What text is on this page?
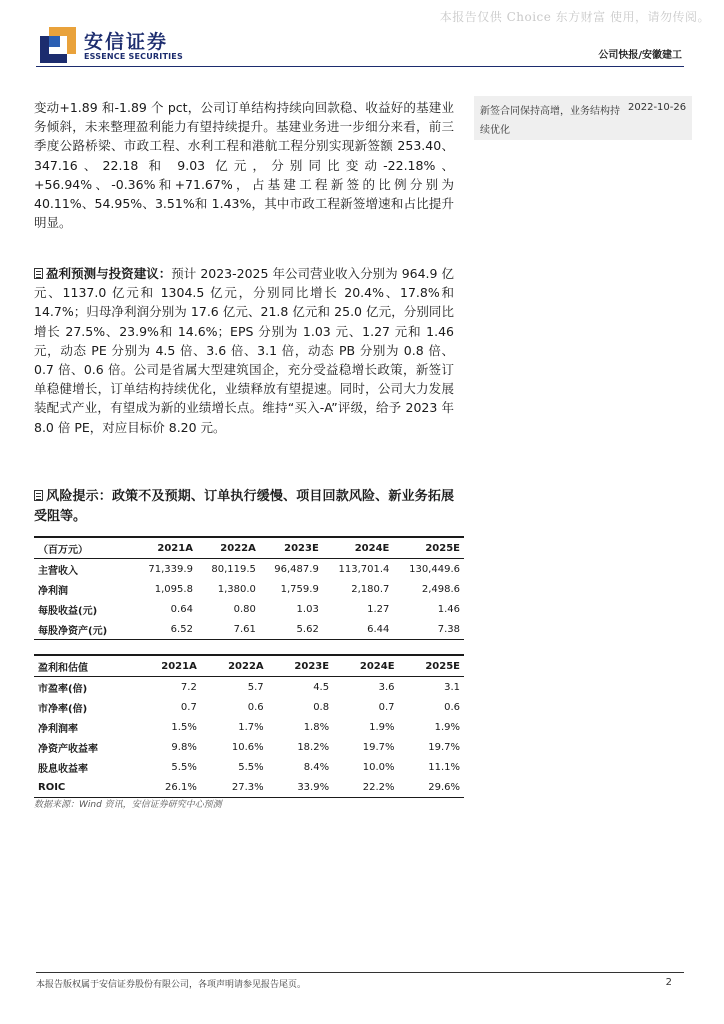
本报告仅供 Choice 东方财富 使用，请勿传阅。
安信证券
ESSENCE SECURITIES	公司快报/安徽建工
新签合同保持高增，业务结构持续优化
2022-10-26
变动+1.89 和-1.89 个 pct，公司订单结构持续向回款稳、收益好的基建业务倾斜，未来整理盈利能力有望持续提升。基建业务进一步细分来看，前三季度公路桥梁、市政工程、水利工程和港航工程分别实现新签额 253.40、347.16、22.18 和 9.03 亿元，分别同比变动-22.18%、+56.94%、-0.36%和+71.67%，占基建工程新签的比例分别为 40.11%、54.95%、3.51%和 1.43%，其中市政工程新签增速和占比提升明显。
盈利预测与投资建议：预计 2023-2025 年公司营业收入分别为 964.9 亿元、1137.0 亿元和 1304.5 亿元，分别同比增长 20.4%、17.8%和 14.7%；归母净利润分别为 17.6 亿元、21.8 亿元和 25.0 亿元，分别同比增长 27.5%、23.9%和 14.6%；EPS 分别为 1.03 元、1.27 元和 1.46 元，动态 PE 分别为 4.5 倍、3.6 倍、3.1 倍，动态 PB 分别为 0.8 倍、0.7 倍、0.6 倍。公司是省属大型建筑国企，充分受益稳增长政策，新签订单稳健增长，订单结构持续优化，业绩释放有望提速。同时，公司大力发展装配式产业，有望成为新的业绩增长点。维持“买入-A”评级，给予 2023 年 8.0 倍 PE，对应目标价 8.20 元。
风险提示：政策不及预期、订单执行缓慢、项目回款风险、新业务拓展受阻等。
（百万元）	2021A	2022A	2023E	2024E	2025E
主营收入	71,339.9	80,119.5	96,487.9	113,701.4	130,449.6
净利润	1,095.8	1,380.0	1,759.9	2,180.7	2,498.6
每股收益(元)	0.64	0.80	1.03	1.27	1.46
每股净资产(元)	6.52	7.61	5.62	6.44	7.38
盈利和估值	2021A	2022A	2023E	2024E	2025E
市盈率(倍)	7.2	5.7	4.5	3.6	3.1
市净率(倍)	0.7	0.6	0.8	0.7	0.6
净利润率	1.5%	1.7%	1.8%	1.9%	1.9%
净资产收益率	9.8%	10.6%	18.2%	19.7%	19.7%
股息收益率	5.5%	5.5%	8.4%	10.0%	11.1%
ROIC	26.1%	27.3%	33.9%	22.2%	29.6%
数据来源：Wind 资讯，安信证券研究中心预测
本报告版权属于安信证券股份有限公司，各项声明请参见报告尾页。	2
